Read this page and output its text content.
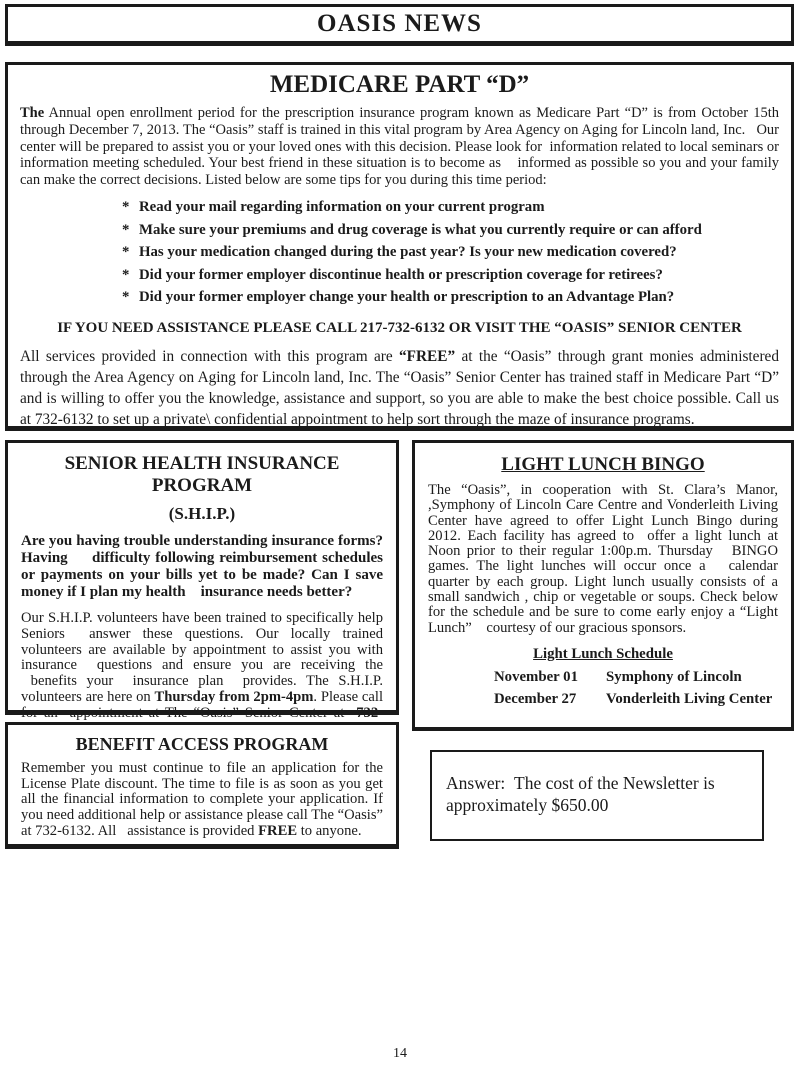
OASIS NEWS
MEDICARE PART “D”

The Annual open enrollment period for the prescription insurance program known as Medicare Part “D” is from October 15th through December 7, 2013. The “Oasis” staff is trained in this vital program by Area Agency on Aging for Lincoln land, Inc.   Our center will be prepared to assist you or your loved ones with this decision. Please look for  information related to local seminars or information meeting scheduled. Your best friend in these situation is to become as    informed as possible so you and your family can make the correct decisions. Listed below are some tips for you during this time period:

* Read your mail regarding information on your current program
* Make sure your premiums and drug coverage is what you currently require or can afford
* Has your medication changed during the past year? Is your new medication covered?
* Did your former employer discontinue health or prescription coverage for retirees?
* Did your former employer change your health or prescription to an Advantage Plan?

IF YOU NEED ASSISTANCE PLEASE CALL 217-732-6132 OR VISIT THE “OASIS” SENIOR CENTER

All services provided in connection with this program are “FREE” at the “Oasis” through grant monies administered through the Area Agency on Aging for Lincoln land, Inc. The “Oasis” Senior Center has trained staff in Medicare Part “D” and is willing to offer you the knowledge, assistance and support, so you are able to make the best choice possible. Call us at 732-6132 to set up a private\ confidential appointment to help sort through the maze of insurance programs.

SENIOR HEALTH INSURANCE PROGRAM
(S.H.I.P.)

Are you having trouble understanding insurance forms? Having     difficulty following reimbursement schedules or payments on your bills yet to be made? Can I save money if I plan my health    insurance needs better?

Our S.H.I.P. volunteers have been trained to specifically help Seniors  answer these questions. Our locally trained volunteers are available by appointment to assist you with insurance  questions and ensure you are receiving the  benefits your  insurance plan  provides. The S.H.I.P. volunteers are here on Thursday from 2pm-4pm. Please call for an  appointment at The “Oasis” Senior Center at  732-

BENEFIT ACCESS PROGRAM

Remember you must continue to file an application for the License Plate discount. The time to file is as soon as you get all the financial information to complete your application. If you need additional help or assistance please call The “Oasis” at 732-6132. All   assistance is provided FREE to anyone.

LIGHT LUNCH BINGO

The  “Oasis”,  in  cooperation  with  St.  Clara’s  Manor, ,Symphony of Lincoln Care Centre and Vonderleith Living Center have agreed to offer Light Lunch Bingo during 2012. Each facility has agreed to  offer a light lunch at Noon prior to their regular 1:00p.m. Thursday   BINGO games. The light lunches will occur once a   calendar quarter by each group. Light lunch usually consists of a small sandwich , chip or vegetable or soups. Check below for the schedule and be sure to come early enjoy a “Light Lunch”    courtesy of our gracious sponsors.

Light Lunch Schedule
November 01	Symphony of Lincoln
December 27	Vonderleith Living Center

Answer:  The cost of the Newsletter is approximately $650.00

14
